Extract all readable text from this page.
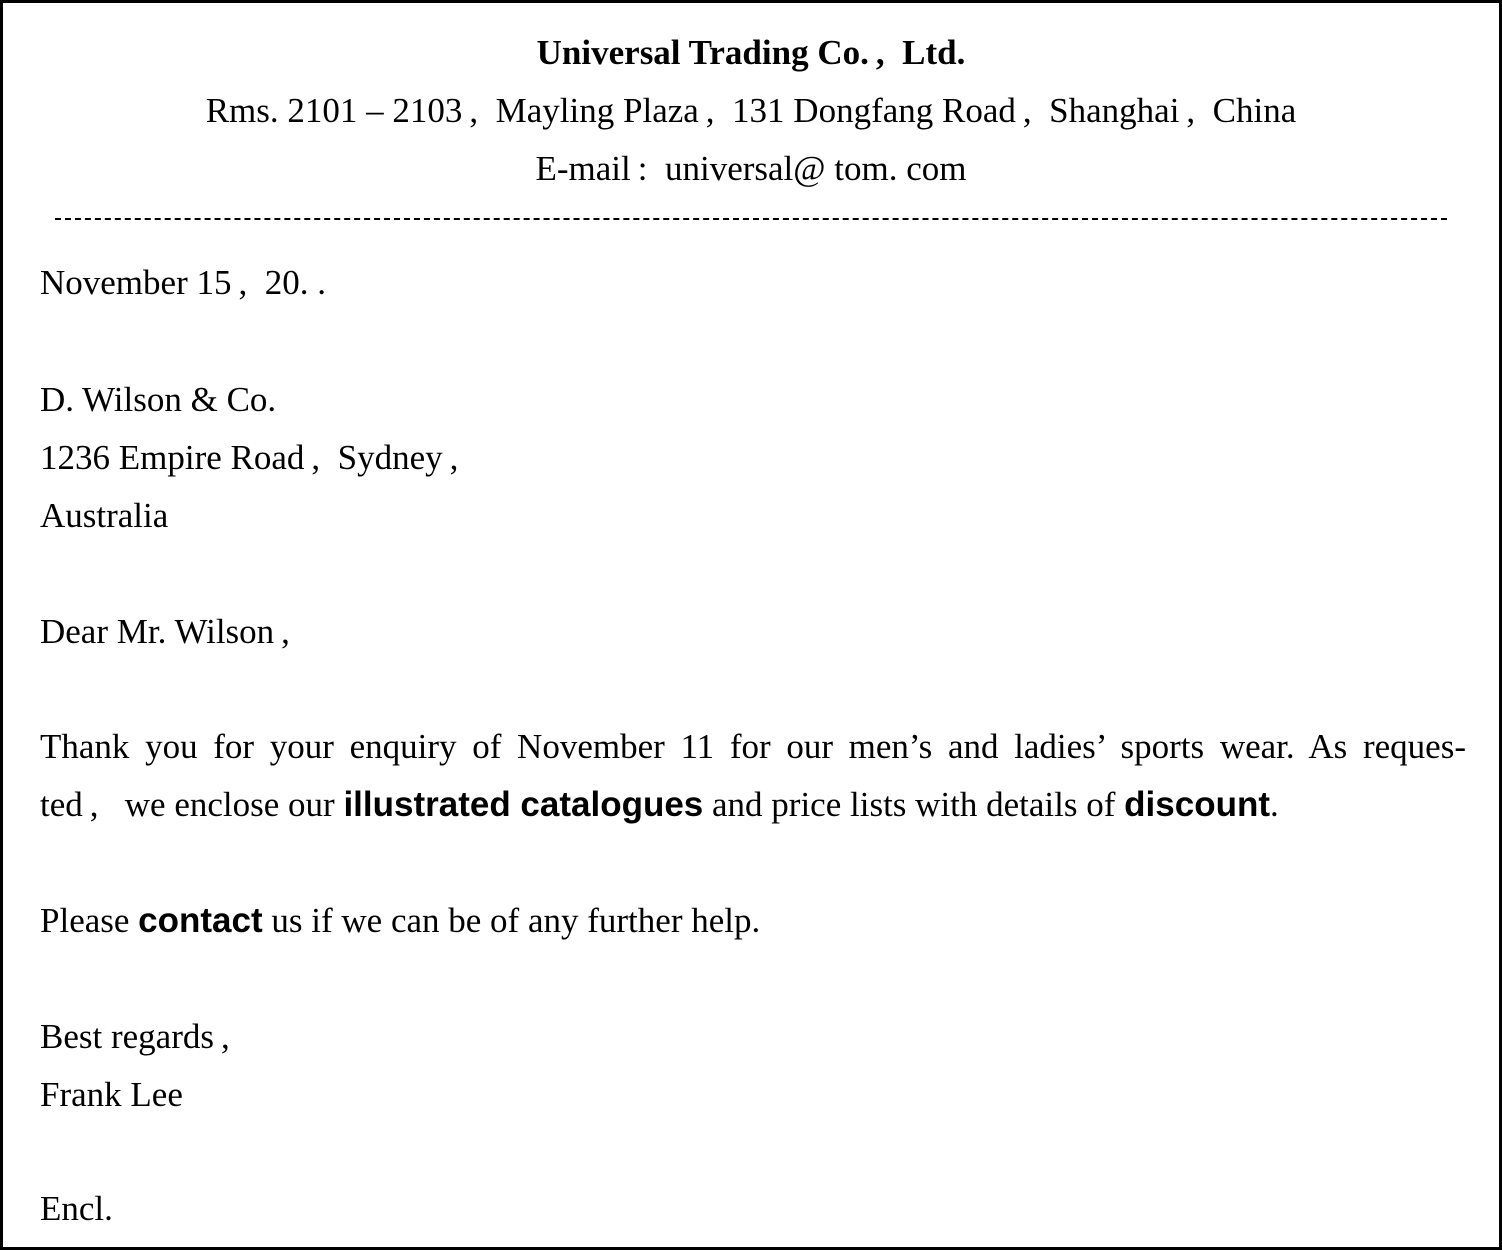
Universal Trading Co. , Ltd.
Rms. 2101 – 2103 , Mayling Plaza , 131 Dongfang Road , Shanghai , China
E-mail : universal@ tom. com
November 15 , 20. .
D. Wilson & Co.
1236 Empire Road , Sydney ,
Australia
Dear Mr. Wilson ,
Thank you for your enquiry of November 11 for our men’s and ladies’ sports wear. As reques-
ted ,  we enclose our illustrated catalogues and price lists with details of discount.
Please contact us if we can be of any further help.
Best regards ,
Frank Lee
Encl.
